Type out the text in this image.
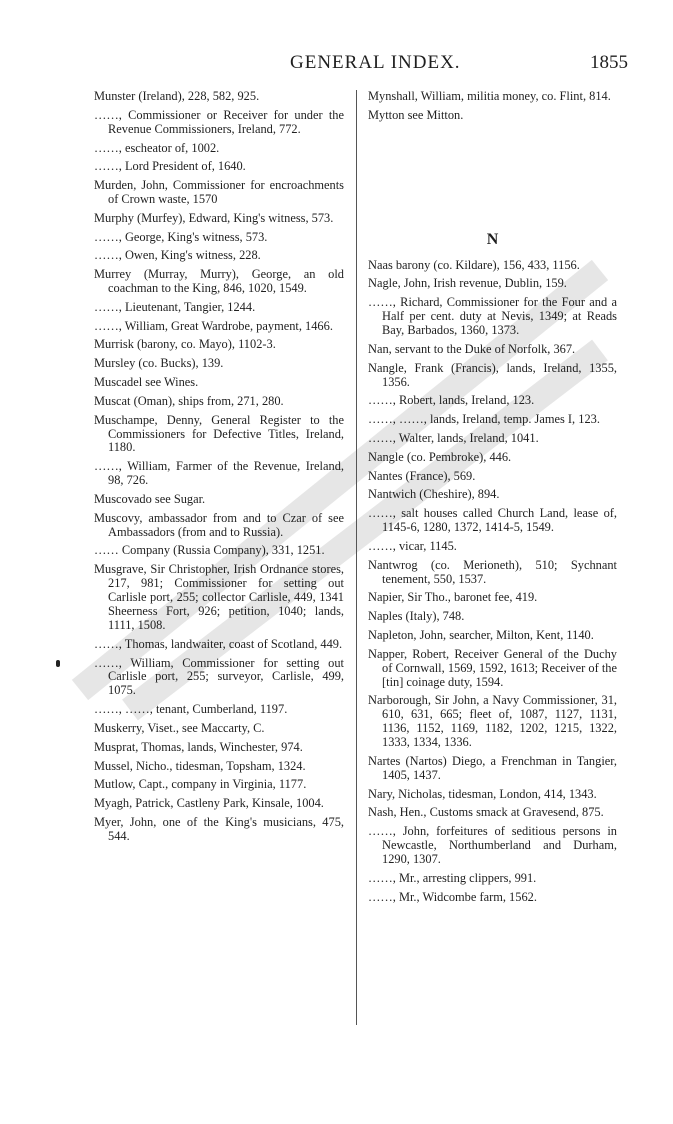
GENERAL INDEX.	1855
Munster (Ireland), 228, 582, 925.
……, Commissioner or Receiver for under the Revenue Commissioners, Ireland, 772.
……, escheator of, 1002.
……, Lord President of, 1640.
Murden, John, Commissioner for encroachments of Crown waste, 1570
Murphy (Murfey), Edward, King's witness, 573.
……, George, King's witness, 573.
……, Owen, King's witness, 228.
Murrey (Murray, Murry), George, an old coachman to the King, 846, 1020, 1549.
……, Lieutenant, Tangier, 1244.
……, William, Great Wardrobe, payment, 1466.
Murrisk (barony, co. Mayo), 1102-3.
Mursley (co. Bucks), 139.
Muscadel see Wines.
Muscat (Oman), ships from, 271, 280.
Muschampe, Denny, General Register to the Commissioners for Defective Titles, Ireland, 1180.
……, William, Farmer of the Revenue, Ireland, 98, 726.
Muscovado see Sugar.
Muscovy, ambassador from and to Czar of see Ambassadors (from and to Russia).
…… Company (Russia Company), 331, 1251.
Musgrave, Sir Christopher, Irish Ordnance stores, 217, 981; Commissioner for setting out Carlisle port, 255; collector Carlisle, 449, 1341 Sheerness Fort, 926; petition, 1040; lands, 1111, 1508.
……, Thomas, landwaiter, coast of Scotland, 449.
……, William, Commissioner for setting out Carlisle port, 255; surveyor, Carlisle, 499, 1075.
……, ……, tenant, Cumberland, 1197.
Muskerry, Viset., see Maccarty, C.
Musprat, Thomas, lands, Winchester, 974.
Mussel, Nicho., tidesman, Topsham, 1324.
Mutlow, Capt., company in Virginia, 1177.
Myagh, Patrick, Castleny Park, Kinsale, 1004.
Myer, John, one of the King's musicians, 475, 544.
Mynshall, William, militia money, co. Flint, 814.
Mytton see Mitton.
N
Naas barony (co. Kildare), 156, 433, 1156.
Nagle, John, Irish revenue, Dublin, 159.
……, Richard, Commissioner for the Four and a Half per cent. duty at Nevis, 1349; at Reads Bay, Barbados, 1360, 1373.
Nan, servant to the Duke of Norfolk, 367.
Nangle, Frank (Francis), lands, Ireland, 1355, 1356.
……, Robert, lands, Ireland, 123.
……, ……, lands, Ireland, temp. James I, 123.
……, Walter, lands, Ireland, 1041.
Nangle (co. Pembroke), 446.
Nantes (France), 569.
Nantwich (Cheshire), 894.
……, salt houses called Church Land, lease of, 1145-6, 1280, 1372, 1414-5, 1549.
……, vicar, 1145.
Nantwrog (co. Merioneth), 510; Sychnant tenement, 550, 1537.
Napier, Sir Tho., baronet fee, 419.
Naples (Italy), 748.
Napleton, John, searcher, Milton, Kent, 1140.
Napper, Robert, Receiver General of the Duchy of Cornwall, 1569, 1592, 1613; Receiver of the [tin] coinage duty, 1594.
Narborough, Sir John, a Navy Commissioner, 31, 610, 631, 665; fleet of, 1087, 1127, 1131, 1136, 1152, 1169, 1182, 1202, 1215, 1322, 1333, 1334, 1336.
Nartes (Nartos) Diego, a Frenchman in Tangier, 1405, 1437.
Nary, Nicholas, tidesman, London, 414, 1343.
Nash, Hen., Customs smack at Gravesend, 875.
……, John, forfeitures of seditious persons in Newcastle, Northumberland and Durham, 1290, 1307.
……, Mr., arresting clippers, 991.
……, Mr., Widcombe farm, 1562.
